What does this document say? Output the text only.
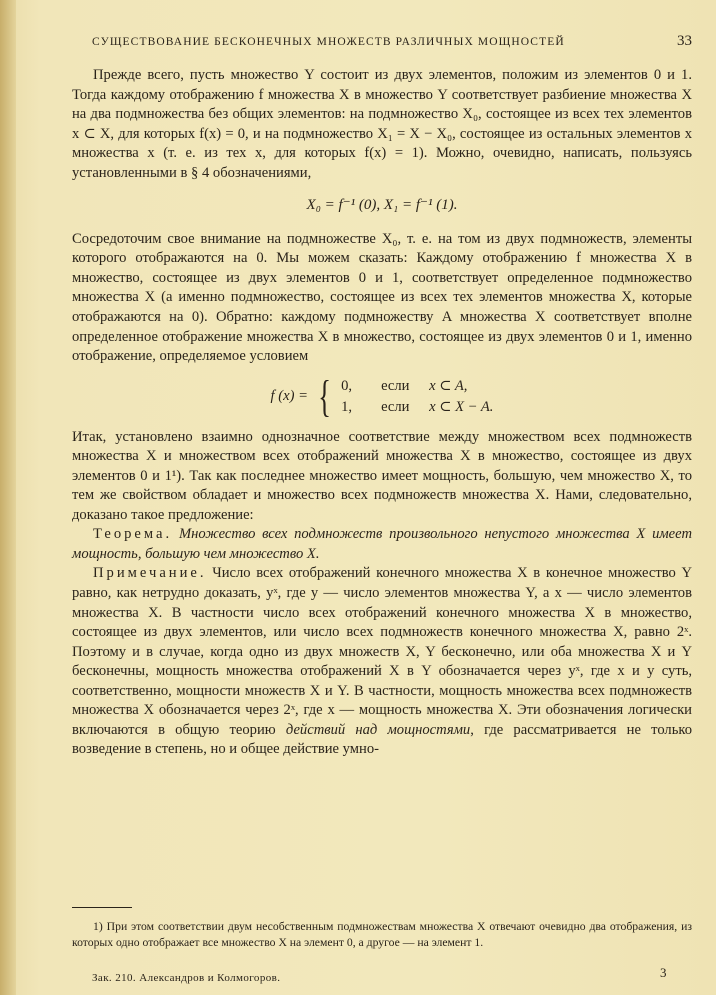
СУЩЕСТВОВАНИЕ БЕСКОНЕЧНЫХ МНОЖЕСТВ РАЗЛИЧНЫХ МОЩНОСТЕЙ	33

Прежде всего, пусть множество Y состоит из двух элементов, положим из элементов 0 и 1. Тогда каждому отображению f множества X в множество Y соответствует разбиение множества X на два подмножества без общих элементов: на подмножество X₀, состоящее из всех тех элементов x ⊂ X, для которых f(x) = 0, и на подмножество X₁ = X − X₀, состоящее из остальных элементов x множества x (т. е. из тех x, для которых f(x) = 1). Можно, очевидно, написать, пользуясь установленными в § 4 обозначениями,

X₀ = f⁻¹ (0), X₁ = f⁻¹ (1).

Сосредоточим свое внимание на подмножестве X₀, т. е. на том из двух подмножеств, элементы которого отображаются на 0. Мы можем сказать: Каждому отображению f множества X в множество, состоящее из двух элементов 0 и 1, соответствует определенное подмножество множества X (а именно подмножество, состоящее из всех тех элементов множества X, которые отображаются на 0). Обратно: каждому подмножеству A множества X соответствует вполне определенное отображение множества X в множество, состоящее из двух элементов 0 и 1, именно отображение, определяемое условием

f (x) = { 0, если x ⊂ A,
1, если x ⊂ X − A.

Итак, установлено взаимно однозначное соответствие между множеством всех подмножеств множества X и множеством всех отображений множества X в множество, состоящее из двух элементов 0 и 1¹). Так как последнее множество имеет мощность, большую, чем множество X, то тем же свойством обладает и множество всех подмножеств множества X. Нами, следовательно, доказано такое предложение:

Теорема. Множество всех подмножеств произвольного непустого множества X имеет мощность, большую чем множество X.

Примечание. Число всех отображений конечного множества X в конечное множество Y равно, как нетрудно доказать, yˣ, где y — число элементов множества Y, а x — число элементов множества X. В частности число всех отображений конечного множества X в множество, состоящее из двух элементов, или число всех подмножеств конечного множества X, равно 2ˣ. Поэтому и в случае, когда одно из двух множеств X, Y бесконечно, или оба множества X и Y бесконечны, мощность множества отображений X в Y обозначается через yˣ, где x и y суть, соответственно, мощности множеств X и Y. В частности, мощность множества всех подмножеств множества X обозначается через 2ˣ, где x — мощность множества X. Эти обозначения логически включаются в общую теорию действий над мощностями, где рассматривается не только возведение в степень, но и общее действие умно-

1) При этом соответствии двум несобственным подмножествам множества X отвечают очевидно два отображения, из которых одно отображает все множество X на элемент 0, а другое — на элемент 1.

Зак. 210. Александров и Колмогоров.	3
